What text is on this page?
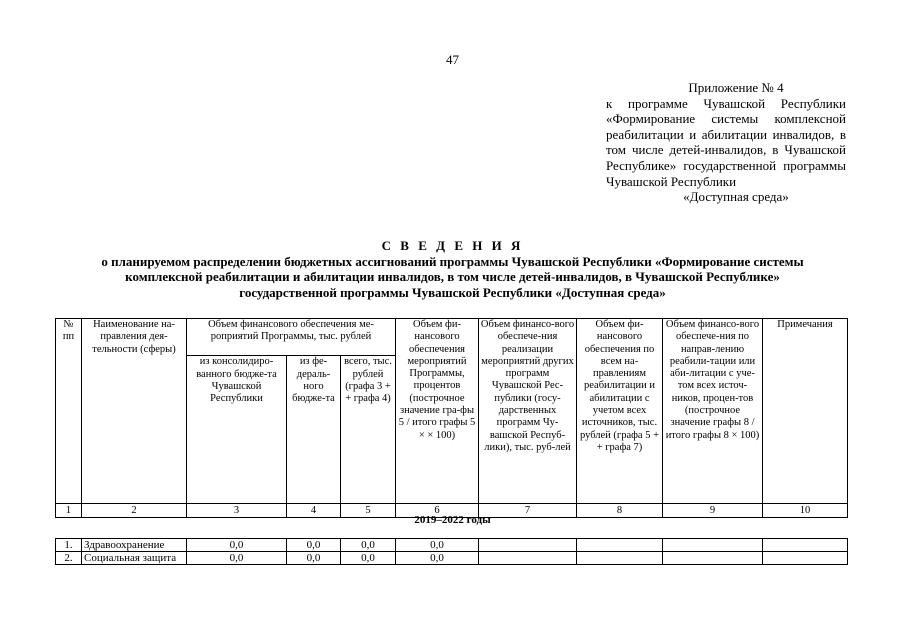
47
Приложение № 4
к программе Чувашской Республики «Формирование системы комплексной реабилитации и абилитации инвалидов, в том числе детей-инвалидов, в Чувашской Республике» государственной программы Чувашской Республики
«Доступная среда»
С В Е Д Е Н И Я
о планируемом распределении бюджетных ассигнований программы Чувашской Республики «Формирование системы
комплексной реабилитации и абилитации инвалидов, в том числе детей-инвалидов, в Чувашской Республике»
государственной программы Чувашской Республики «Доступная среда»
№ пп	Наименование на-правления дея-тельности (сферы)	Объем финансового обеспечения ме-роприятий Программы, тыс. рублей			Объем фи-нансового обеспечения мероприятий Программы, процентов (построчное значение гра-фы 5 / итого графы 5 × × 100)	Объем финансо-вого обеспече-ния реализации мероприятий других программ Чувашской Рес-публики (госу-дарственных программ Чу-вашской Респуб-лики), тыс. руб-лей	Объем фи-нансового обеспечения по всем на-правлениям реабилитации и абилитации с учетом всех источников, тыс. рублей (графа 5 + + графа 7)	Объем финансо-вого обеспече-ния по направ-лению реабили-тации или аби-литации с уче-том всех источ-ников, процен-тов (построчное значение графы 8 / итого графы 8 × 100)	Примечания
		из консолидиро-ванного бюдже-та Чувашской Республики	из фе-дераль-ного бюдже-та	всего, тыс. рублей (графа 3 + + графа 4)					
1	2	3	4	5	6	7	8	9	10
2019–2022 годы
1.	Здравоохранение	0,0	0,0	0,0	0,0				
2.	Социальная защита	0,0	0,0	0,0	0,0				
